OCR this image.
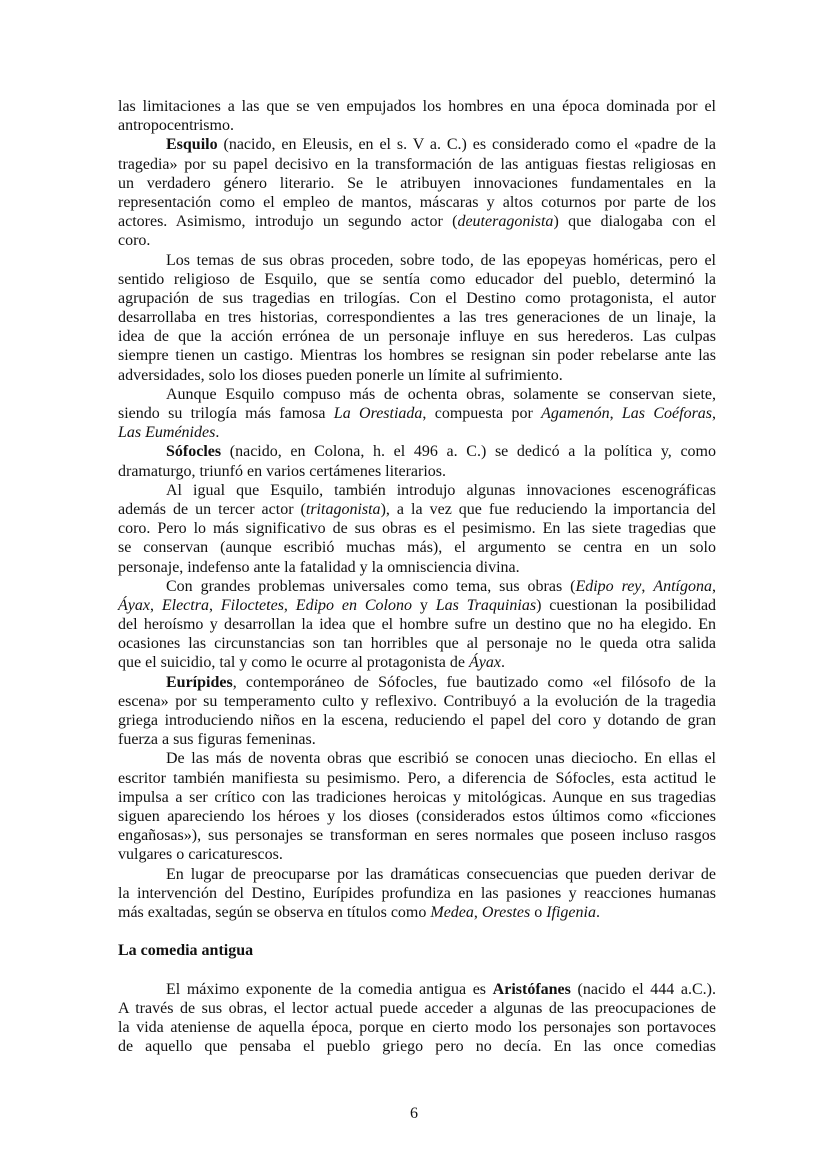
las limitaciones a las que se ven empujados los hombres en una época dominada por el
antropocentrismo.
Esquilo (nacido, en Eleusis, en el s. V a. C.) es considerado como el «padre de la
tragedia» por su papel decisivo en la transformación de las antiguas fiestas religiosas en
un verdadero género literario. Se le atribuyen innovaciones fundamentales en la
representación como el empleo de mantos, máscaras y altos coturnos por parte de los
actores. Asimismo, introdujo un segundo actor (deuteragonista) que dialogaba con el
coro.
Los temas de sus obras proceden, sobre todo, de las epopeyas homéricas, pero el
sentido religioso de Esquilo, que se sentía como educador del pueblo, determinó la
agrupación de sus tragedias en trilogías. Con el Destino como protagonista, el autor
desarrollaba en tres historias, correspondientes a las tres generaciones de un linaje, la
idea de que la acción errónea de un personaje influye en sus herederos. Las culpas
siempre tienen un castigo. Mientras los hombres se resignan sin poder rebelarse ante las
adversidades, solo los dioses pueden ponerle un límite al sufrimiento.
Aunque Esquilo compuso más de ochenta obras, solamente se conservan siete,
siendo su trilogía más famosa La Orestiada, compuesta por Agamenón, Las Coéforas,
Las Euménides.
Sófocles (nacido, en Colona, h. el 496 a. C.) se dedicó a la política y, como
dramaturgo, triunfó en varios certámenes literarios.
Al igual que Esquilo, también introdujo algunas innovaciones escenográficas
además de un tercer actor (tritagonista), a la vez que fue reduciendo la importancia del
coro. Pero lo más significativo de sus obras es el pesimismo. En las siete tragedias que
se conservan (aunque escribió muchas más), el argumento se centra en un solo
personaje, indefenso ante la fatalidad y la omnisciencia divina.
Con grandes problemas universales como tema, sus obras (Edipo rey, Antígona,
Áyax, Electra, Filoctetes, Edipo en Colono y Las Traquinias) cuestionan la posibilidad
del heroísmo y desarrollan la idea que el hombre sufre un destino que no ha elegido. En
ocasiones las circunstancias son tan horribles que al personaje no le queda otra salida
que el suicidio, tal y como le ocurre al protagonista de Áyax.
Eurípides, contemporáneo de Sófocles, fue bautizado como «el filósofo de la
escena» por su temperamento culto y reflexivo. Contribuyó a la evolución de la tragedia
griega introduciendo niños en la escena, reduciendo el papel del coro y dotando de gran
fuerza a sus figuras femeninas.
De las más de noventa obras que escribió se conocen unas dieciocho. En ellas el
escritor también manifiesta su pesimismo. Pero, a diferencia de Sófocles, esta actitud le
impulsa a ser crítico con las tradiciones heroicas y mitológicas. Aunque en sus tragedias
siguen apareciendo los héroes y los dioses (considerados estos últimos como «ficciones
engañosas»), sus personajes se transforman en seres normales que poseen incluso rasgos
vulgares o caricaturescos.
En lugar de preocuparse por las dramáticas consecuencias que pueden derivar de
la intervención del Destino, Eurípides profundiza en las pasiones y reacciones humanas
más exaltadas, según se observa en títulos como Medea, Orestes o Ifigenia.
La comedia antigua
El máximo exponente de la comedia antigua es Aristófanes (nacido el 444 a.C.).
A través de sus obras, el lector actual puede acceder a algunas de las preocupaciones de
la vida ateniense de aquella época, porque en cierto modo los personajes son portavoces
de aquello que pensaba el pueblo griego pero no decía. En las once comedias
6
